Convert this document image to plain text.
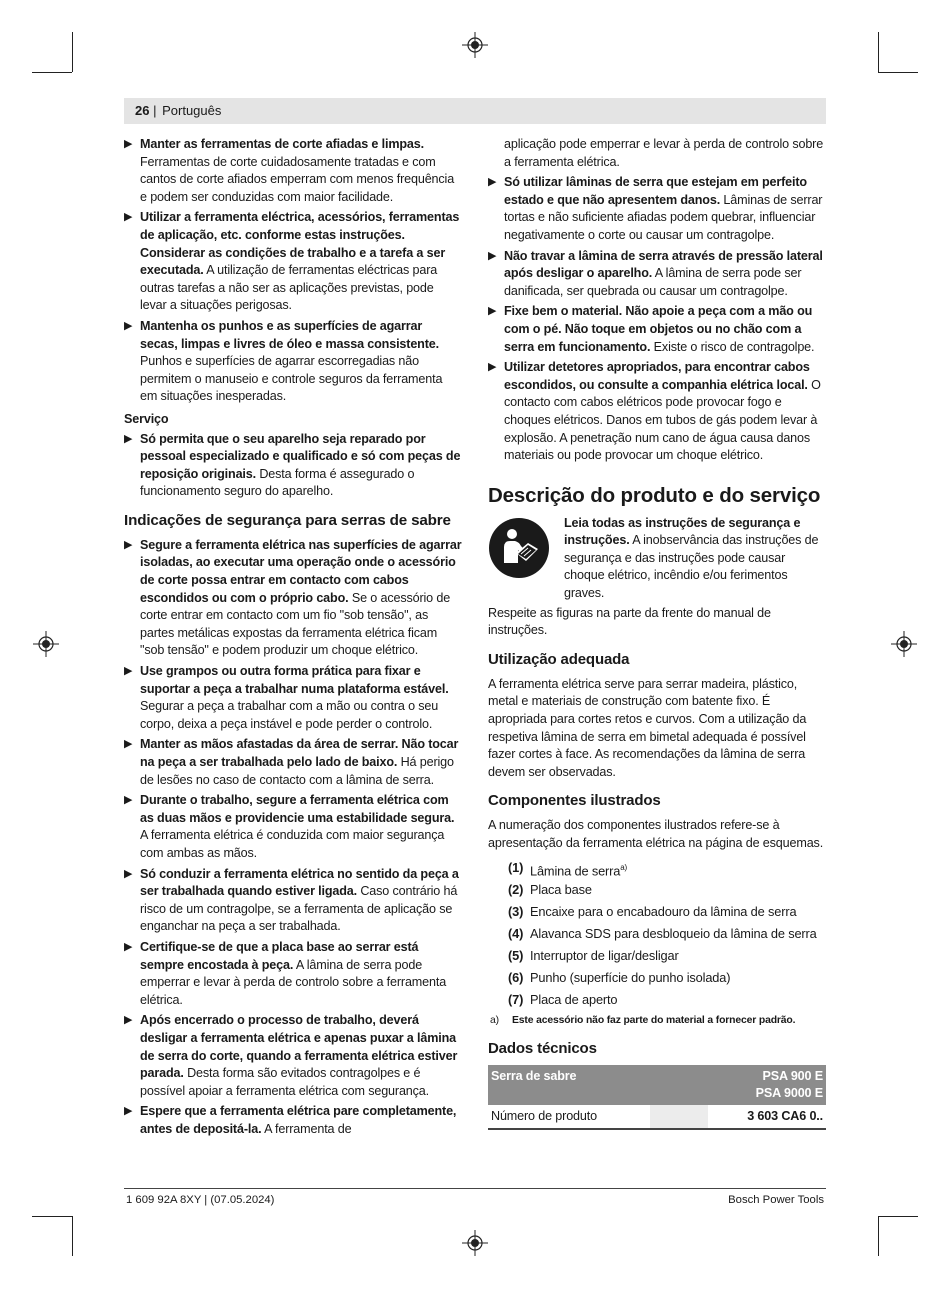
26 | Português
▶ Manter as ferramentas de corte afiadas e limpas.
Ferramentas de corte cuidadosamente tratadas e com cantos de corte afiados emperram com menos frequência e podem ser conduzidas com maior facilidade.
▶ Utilizar a ferramenta eléctrica, acessórios, ferramentas de aplicação, etc. conforme estas instruções. Considerar as condições de trabalho e a tarefa a ser executada. A utilização de ferramentas eléctricas para outras tarefas a não ser as aplicações previstas, pode levar a situações perigosas.
▶ Mantenha os punhos e as superfícies de agarrar secas, limpas e livres de óleo e massa consistente. Punhos e superfícies de agarrar escorregadias não permitem o manuseio e controle seguros da ferramenta em situações inesperadas.
Serviço
▶ Só permita que o seu aparelho seja reparado por pessoal especializado e qualificado e só com peças de reposição originais. Desta forma é assegurado o funcionamento seguro do aparelho.
Indicações de segurança para serras de sabre
▶ Segure a ferramenta elétrica nas superfícies de agarrar isoladas, ao executar uma operação onde o acessório de corte possa entrar em contacto com cabos escondidos ou com o próprio cabo. Se o acessório de corte entrar em contacto com um fio "sob tensão", as partes metálicas expostas da ferramenta elétrica ficam "sob tensão" e podem produzir um choque elétrico.
▶ Use grampos ou outra forma prática para fixar e suportar a peça a trabalhar numa plataforma estável. Segurar a peça a trabalhar com a mão ou contra o seu corpo, deixa a peça instável e pode perder o controlo.
▶ Manter as mãos afastadas da área de serrar. Não tocar na peça a ser trabalhada pelo lado de baixo. Há perigo de lesões no caso de contacto com a lâmina de serra.
▶ Durante o trabalho, segure a ferramenta elétrica com as duas mãos e providencie uma estabilidade segura. A ferramenta elétrica é conduzida com maior segurança com ambas as mãos.
▶ Só conduzir a ferramenta elétrica no sentido da peça a ser trabalhada quando estiver ligada. Caso contrário há risco de um contragolpe, se a ferramenta de aplicação se enganchar na peça a ser trabalhada.
▶ Certifique-se de que a placa base ao serrar está sempre encostada à peça. A lâmina de serra pode emperrar e levar à perda de controlo sobre a ferramenta elétrica.
▶ Após encerrado o processo de trabalho, deverá desligar a ferramenta elétrica e apenas puxar a lâmina de serra do corte, quando a ferramenta elétrica estiver parada. Desta forma são evitados contragolpes e é possível apoiar a ferramenta elétrica com segurança.
▶ Espere que a ferramenta elétrica pare completamente, antes de depositá-la. A ferramenta de
aplicação pode emperrar e levar à perda de controlo sobre a ferramenta elétrica.
▶ Só utilizar lâminas de serra que estejam em perfeito estado e que não apresentem danos. Lâminas de serrar tortas e não suficiente afiadas podem quebrar, influenciar negativamente o corte ou causar um contragolpe.
▶ Não travar a lâmina de serra através de pressão lateral após desligar o aparelho. A lâmina de serra pode ser danificada, ser quebrada ou causar um contragolpe.
▶ Fixe bem o material. Não apoie a peça com a mão ou com o pé. Não toque em objetos ou no chão com a serra em funcionamento. Existe o risco de contragolpe.
▶ Utilizar detetores apropriados, para encontrar cabos escondidos, ou consulte a companhia elétrica local. O contacto com cabos elétricos pode provocar fogo e choques elétricos. Danos em tubos de gás podem levar à explosão. A penetração num cano de água causa danos materiais ou pode provocar um choque elétrico.
Descrição do produto e do serviço
Leia todas as instruções de segurança e instruções. A inobservância das instruções de segurança e das instruções pode causar choque elétrico, incêndio e/ou ferimentos graves.
Respeite as figuras na parte da frente do manual de instruções.
Utilização adequada
A ferramenta elétrica serve para serrar madeira, plástico, metal e materiais de construção com batente fixo. É apropriada para cortes retos e curvos. Com a utilização da respetiva lâmina de serra em bimetal adequada é possível fazer cortes à face. As recomendações da lâmina de serra devem ser observadas.
Componentes ilustrados
A numeração dos componentes ilustrados refere-se à apresentação da ferramenta elétrica na página de esquemas.
(1) Lâmina de serra$^{a)}$
(2) Placa base
(3) Encaixe para o encabadouro da lâmina de serra
(4) Alavanca SDS para desbloqueio da lâmina de serra
(5) Interruptor de ligar/desligar
(6) Punho (superfície do punho isolada)
(7) Placa de aperto
a) Este acessório não faz parte do material a fornecer padrão.
Dados técnicos
Serra de sabre		PSA 900 E
PSA 9000 E
Número de produto		3 603 CA6 0..
1 609 92A 8XY | (07.05.2024)	Bosch Power Tools
